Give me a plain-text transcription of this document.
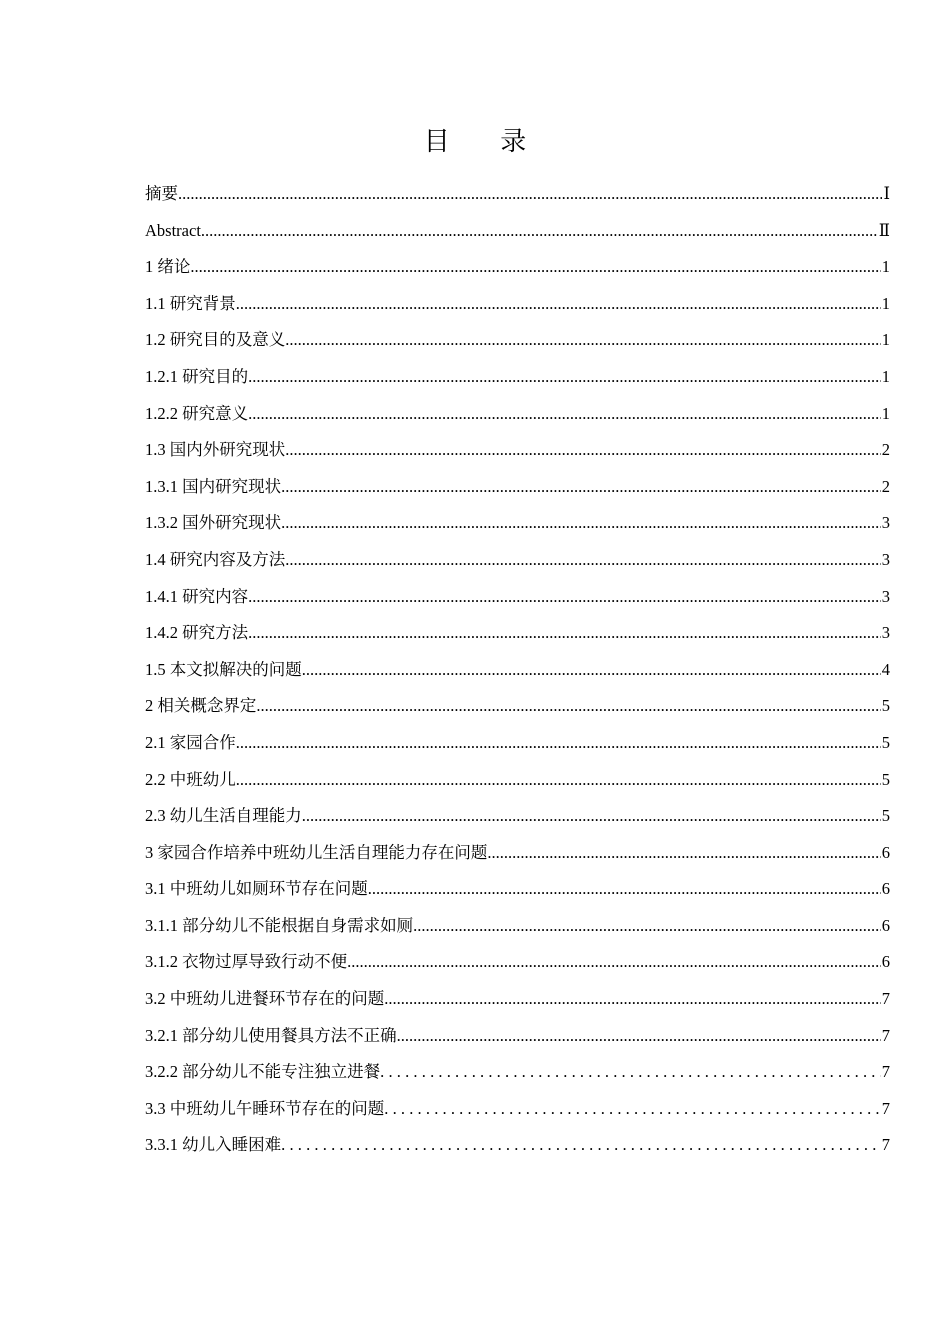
目 录
摘要 .....	Ⅰ
Abstract .....	Ⅱ
1 绪论 .....	1
1.1 研究背景 .....	1
1.2 研究目的及意义 .....	1
1.2.1 研究目的 .....	1
1.2.2 研究意义 .....	1
1.3 国内外研究现状 .....	2
1.3.1 国内研究现状 .....	2
1.3.2 国外研究现状 .....	3
1.4 研究内容及方法 .....	3
1.4.1 研究内容 .....	3
1.4.2 研究方法 .....	3
1.5 本文拟解决的问题 .....	4
2 相关概念界定 .....	5
2.1 家园合作 .....	5
2.2 中班幼儿 .....	5
2.3 幼儿生活自理能力 .....	5
3 家园合作培养中班幼儿生活自理能力存在问题 .....	6
3.1 中班幼儿如厕环节存在问题 .....	6
3.1.1 部分幼儿不能根据自身需求如厕 .....	6
3.1.2 衣物过厚导致行动不便 .....	6
3.2 中班幼儿进餐环节存在的问题 .....	7
3.2.1 部分幼儿使用餐具方法不正确 .....	7
3.2.2 部分幼儿不能专注独立进餐 .....	7
3.3 中班幼儿午睡环节存在的问题 .....	7
3.3.1 幼儿入睡困难 .....	7
